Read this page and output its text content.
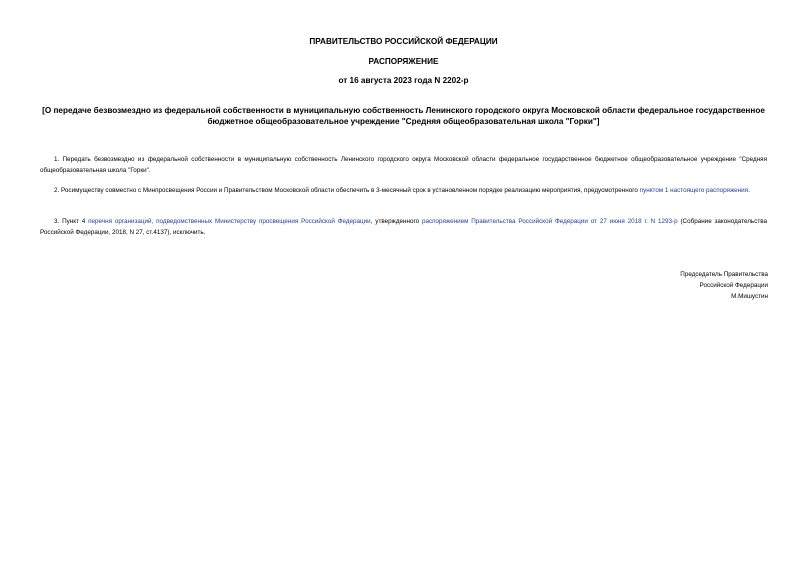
ПРАВИТЕЛЬСТВО РОССИЙСКОЙ ФЕДЕРАЦИИ
РАСПОРЯЖЕНИЕ
от 16 августа 2023 года N 2202-р
[О передаче безвозмездно из федеральной собственности в муниципальную собственность Ленинского городского округа Московской области федеральное государственное бюджетное общеобразовательное учреждение "Средняя общеобразовательная школа "Горки"]
1. Передать безвозмездно из федеральной собственности в муниципальную собственность Ленинского городского округа Московской области федеральное государственное бюджетное общеобразовательное учреждение "Средняя общеобразовательная школа "Горки".
2. Росимуществу совместно с Минпросвещения России и Правительством Московской области обеспечить в 3-месячный срок в установленном порядке реализацию мероприятия, предусмотренного пунктом 1 настоящего распоряжения.
3. Пункт 4 перечня организаций, подведомственных Министерству просвещения Российской Федерации, утвержденного распоряжением Правительства Российской Федерации от 27 июня 2018 г. N 1293-р (Собрание законодательства Российской Федерации, 2018, N 27, ст.4137), исключить.
Председатель Правительства
Российской Федерации
М.Мишустин
